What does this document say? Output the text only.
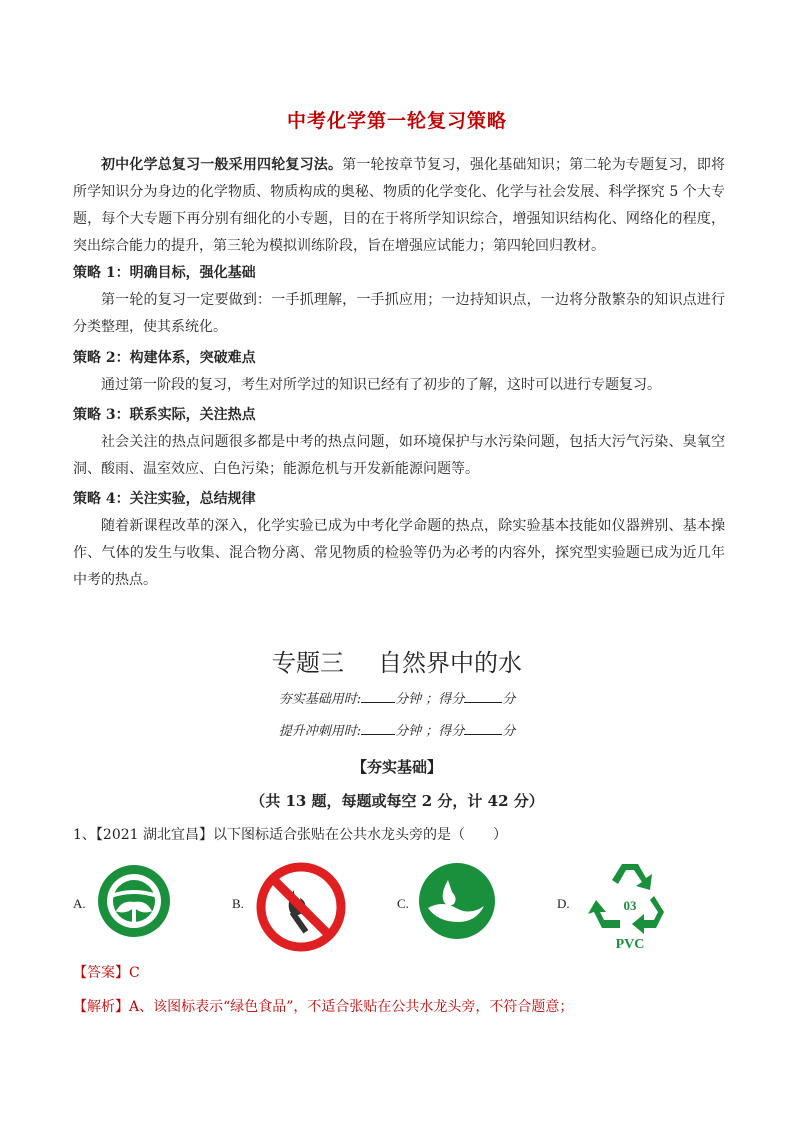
中考化学第一轮复习策略
初中化学总复习一般采用四轮复习法。第一轮按章节复习，强化基础知识；第二轮为专题复习，即将所学知识分为身边的化学物质、物质构成的奥秘、物质的化学变化、化学与社会发展、科学探究 5 个大专题，每个大专题下再分别有细化的小专题，目的在于将所学知识综合，增强知识结构化、网络化的程度，突出综合能力的提升，第三轮为模拟训练阶段，旨在增强应试能力；第四轮回归教材。
策略 1：明确目标，强化基础
第一轮的复习一定要做到：一手抓理解，一手抓应用；一边持知识点，一边将分散繁杂的知识点进行分类整理，使其系统化。
策略 2：构建体系，突破难点
通过第一阶段的复习，考生对所学过的知识已经有了初步的了解，这时可以进行专题复习。
策略 3：联系实际，关注热点
社会关注的热点问题很多都是中考的热点问题，如环境保护与水污染问题，包括大污气污染、臭氧空洞、酸雨、温室效应、白色污染；能源危机与开发新能源问题等。
策略 4：关注实验，总结规律
随着新课程改革的深入，化学实验已成为中考化学命题的热点，除实验基本技能如仪器辨别、基本操作、气体的发生与收集、混合物分离、常见物质的检验等仍为必考的内容外，探究型实验题已成为近几年中考的热点。
专题三 自然界中的水
夯实基础用时:	分钟 ；得分	分
提升冲刺用时:	分钟 ；得分	分
【夯实基础】
（共 13 题，每题或每空 2 分，计 42 分）
1、【2021 湖北宜昌】以下图标适合张贴在公共水龙头旁的是（　　）
A.	B.	C.	D.	03
PVC
【答案】C
【解析】A、该图标表示“绿色食品”，不适合张贴在公共水龙头旁，不符合题意；
